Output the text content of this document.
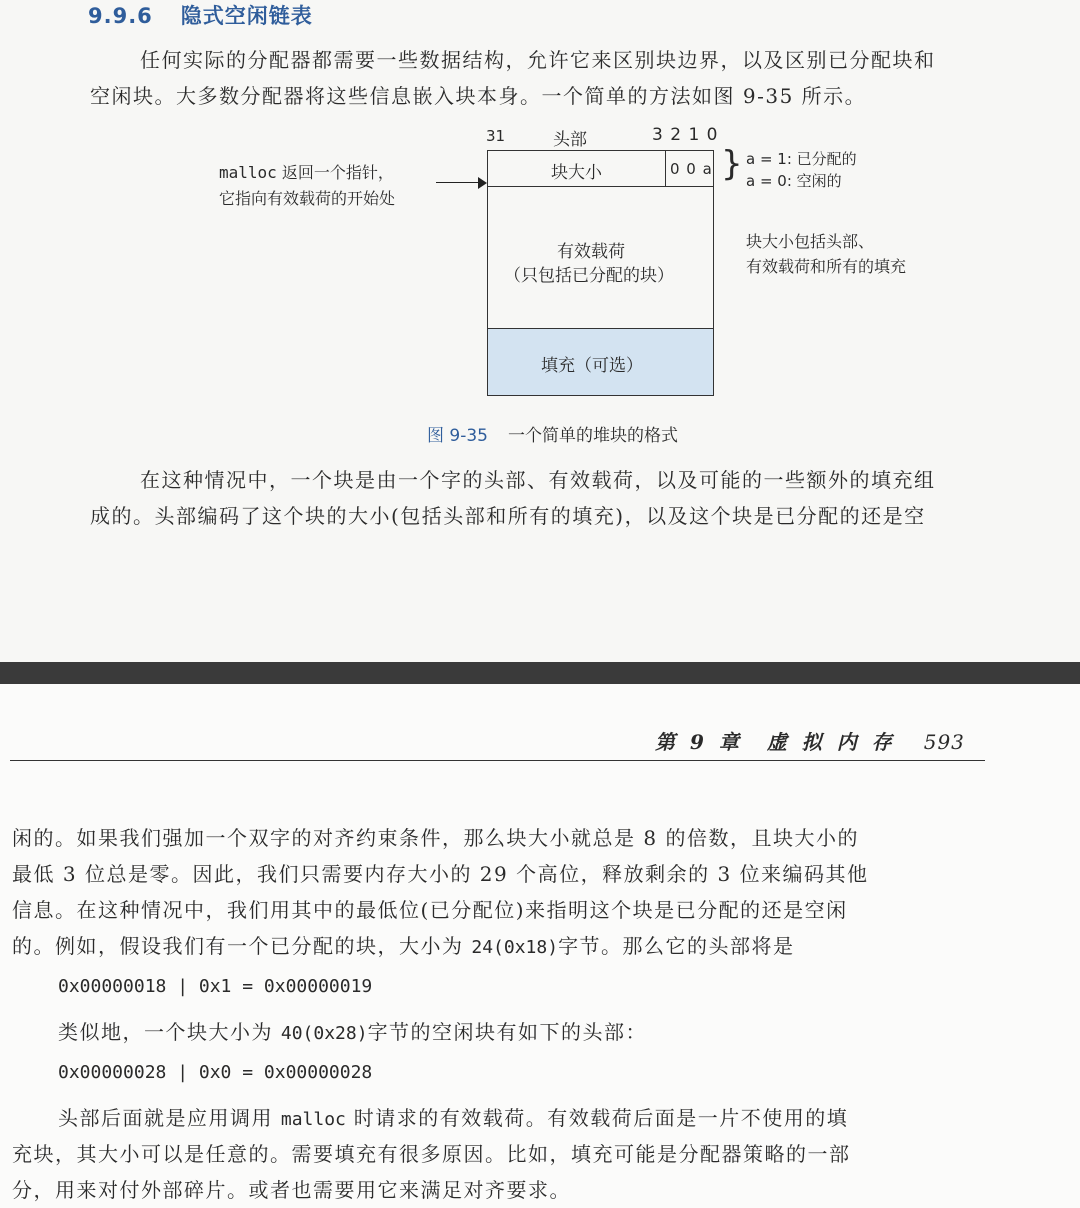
9.9.6 隐式空闲链表
任何实际的分配器都需要一些数据结构，允许它来区别块边界，以及区别已分配块和
空闲块。大多数分配器将这些信息嵌入块本身。一个简单的方法如图 9-35 所示。
31	头部	3 2 1 0
malloc 返回一个指针，
它指向有效载荷的开始处
块大小	0 0 a } a = 1: 已分配的
a = 0: 空闲的
有效载荷
（只包括已分配的块）
块大小包括头部、
有效载荷和所有的填充
填充（可选）
图 9-35 一个简单的堆块的格式
在这种情况中，一个块是由一个字的头部、有效载荷，以及可能的一些额外的填充组
成的。头部编码了这个块的大小(包括头部和所有的填充)，以及这个块是已分配的还是空
第 9 章　虚 拟 内 存 593
闲的。如果我们强加一个双字的对齐约束条件，那么块大小就总是 8 的倍数，且块大小的
最低 3 位总是零。因此，我们只需要内存大小的 29 个高位，释放剩余的 3 位来编码其他
信息。在这种情况中，我们用其中的最低位(已分配位)来指明这个块是已分配的还是空闲
的。例如，假设我们有一个已分配的块，大小为 24(0x18)字节。那么它的头部将是
0x00000018 | 0x1 = 0x00000019
类似地，一个块大小为 40(0x28)字节的空闲块有如下的头部：
0x00000028 | 0x0 = 0x00000028
头部后面就是应用调用 malloc 时请求的有效载荷。有效载荷后面是一片不使用的填
充块，其大小可以是任意的。需要填充有很多原因。比如，填充可能是分配器策略的一部
分，用来对付外部碎片。或者也需要用它来满足对齐要求。
